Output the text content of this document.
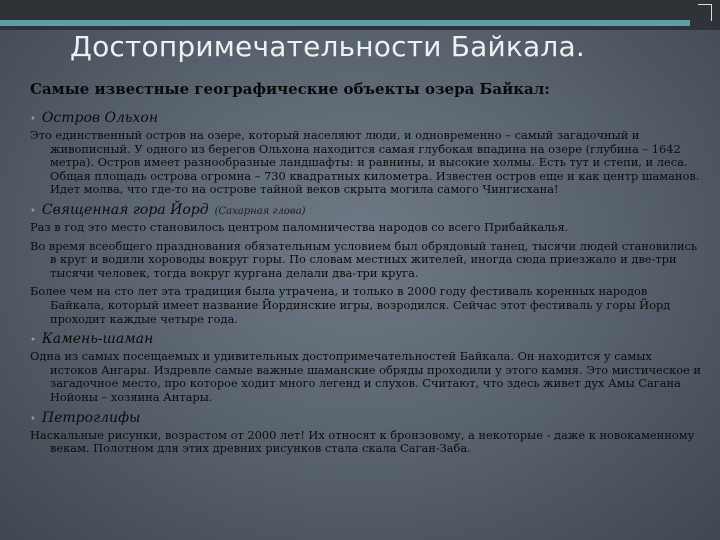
Достопримечательности Байкала.

Самые известные географические объекты озера Байкал:

• Остров Ольхон

Это единственный остров на озере, который населяют люди, и одновременно – самый загадочный и живописный. У одного из берегов Ольхона находится самая глубокая впадина на озере (глубина – 1642 метра). Остров имеет разнообразные ландшафты: и равнины, и высокие холмы. Есть тут и степи, и леса. Общая площадь острова огромна – 730 квадратных километра. Известен остров еще и как центр шаманов. Идет молва, что где-то на острове тайной веков скрыта могила самого Чингисхана!

• Священная гора Йорд (Сахарная глова)

Раз в год это место становилось центром паломничества народов со всего Прибайкалья.

Во время всеобщего празднования обязательным условием был обрядовый танец, тысячи людей становились в круг и водили хороводы вокруг горы. По словам местных жителей, иногда сюда приезжало и две-три тысячи человек, тогда вокруг кургана делали два-три круга.

Более чем на сто лет эта традиция была утрачена, и только в 2000 году фестиваль коренных народов Байкала, который имеет название Йординские игры, возродился. Сейчас этот фестиваль у горы Йорд проходит каждые четыре года.

• Камень-шаман

Одна из самых посещаемых и удивительных достопримечательностей Байкала. Он находится у самых истоков Ангары. Издревле самые важные шаманские обряды проходили у этого камня. Это мистическое и загадочное место, про которое ходит много легенд и слухов. Считают, что здесь живет дух Амы Сагана Нойоны – хозяина Антары.

• Петроглифы

Наскальные рисунки, возрастом от 2000 лет! Их относят к бронзовому, а некоторые - даже к новокаменному векам. Полотном для этих древних рисунков стала скала Саган-Заба.
